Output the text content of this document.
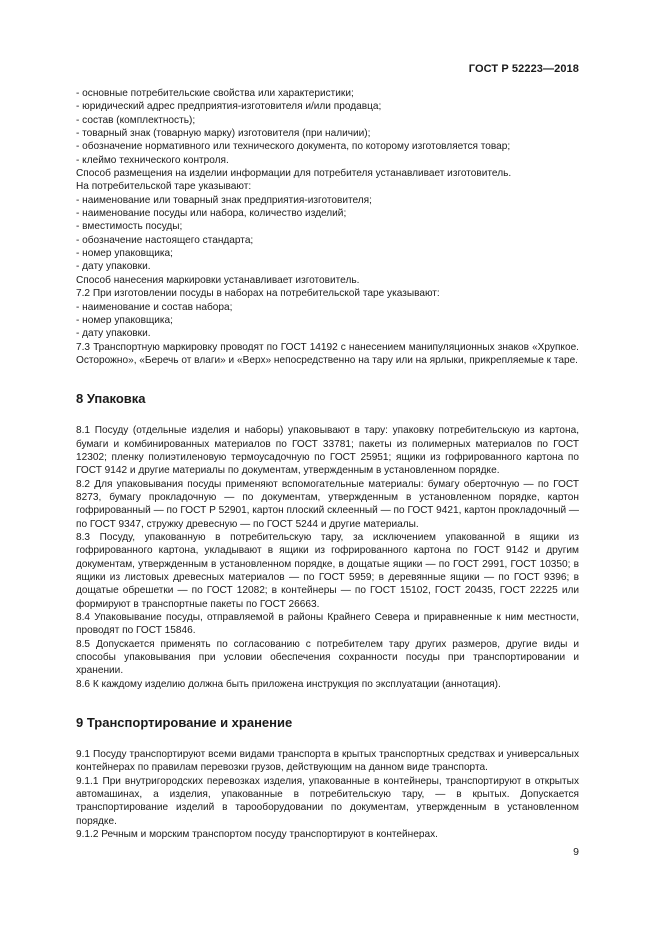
ГОСТ Р 52223—2018

- основные потребительские свойства или характеристики;

- юридический адрес предприятия-изготовителя и/или продавца;

- состав (комплектность);

- товарный знак (товарную марку) изготовителя (при наличии);

- обозначение нормативного или технического документа, по которому изготовляется товар;

- клеймо технического контроля.

Способ размещения на изделии информации для потребителя устанавливает изготовитель.

На потребительской таре указывают:

- наименование или товарный знак предприятия-изготовителя;

- наименование посуды или набора, количество изделий;

- вместимость посуды;

- обозначение настоящего стандарта;

- номер упаковщика;

- дату упаковки.

Способ нанесения маркировки устанавливает изготовитель.

7.2 При изготовлении посуды в наборах на потребительской таре указывают:

- наименование и состав набора;

- номер упаковщика;

- дату упаковки.

7.3 Транспортную маркировку проводят по ГОСТ 14192 с нанесением манипуляционных знаков «Хрупкое. Осторожно», «Беречь от влаги» и «Верх» непосредственно на тару или на ярлыки, прикрепляемые к таре.

8 Упаковка

8.1 Посуду (отдельные изделия и наборы) упаковывают в тару: упаковку потребительскую из картона, бумаги и комбинированных материалов по ГОСТ 33781; пакеты из полимерных материалов по ГОСТ 12302; пленку полиэтиленовую термоусадочную по ГОСТ 25951; ящики из гофрированного картона по ГОСТ 9142 и другие материалы по документам, утвержденным в установленном порядке.

8.2 Для упаковывания посуды применяют вспомогательные материалы: бумагу оберточную — по ГОСТ 8273, бумагу прокладочную — по документам, утвержденным в установленном порядке, картон гофрированный — по ГОСТ Р 52901, картон плоский склеенный — по ГОСТ 9421, картон прокладочный — по ГОСТ 9347, стружку древесную — по ГОСТ 5244 и другие материалы.

8.3 Посуду, упакованную в потребительскую тару, за исключением упакованной в ящики из гофрированного картона, укладывают в ящики из гофрированного картона по ГОСТ 9142 и другим документам, утвержденным в установленном порядке, в дощатые ящики — по ГОСТ 2991, ГОСТ 10350; в ящики из листовых древесных материалов — по ГОСТ 5959; в деревянные ящики — по ГОСТ 9396; в дощатые обрешетки — по ГОСТ 12082; в контейнеры — по ГОСТ 15102, ГОСТ 20435, ГОСТ 22225 или формируют в транспортные пакеты по ГОСТ 26663.

8.4 Упаковывание посуды, отправляемой в районы Крайнего Севера и приравненные к ним местности, проводят по ГОСТ 15846.

8.5 Допускается применять по согласованию с потребителем тару других размеров, другие виды и способы упаковывания при условии обеспечения сохранности посуды при транспортировании и хранении.

8.6 К каждому изделию должна быть приложена инструкция по эксплуатации (аннотация).

9 Транспортирование и хранение

9.1 Посуду транспортируют всеми видами транспорта в крытых транспортных средствах и универсальных контейнерах по правилам перевозки грузов, действующим на данном виде транспорта.

9.1.1 При внутригородских перевозках изделия, упакованные в контейнеры, транспортируют в открытых автомашинах, а изделия, упакованные в потребительскую тару, — в крытых. Допускается транспортирование изделий в тарооборудовании по документам, утвержденным в установленном порядке.

9.1.2 Речным и морским транспортом посуду транспортируют в контейнерах.

9
